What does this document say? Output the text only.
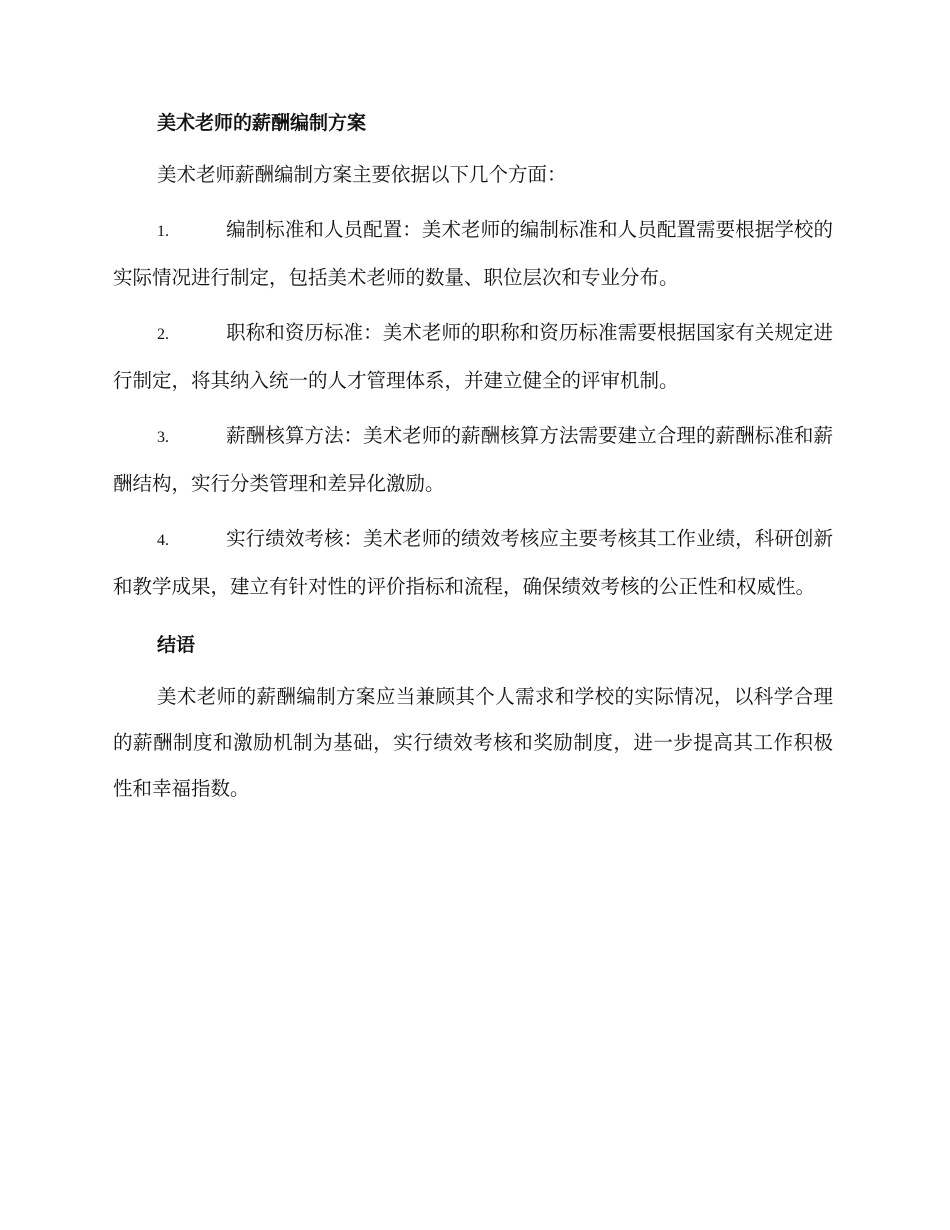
美术老师的薪酬编制方案
美术老师薪酬编制方案主要依据以下几个方面：
1.	编制标准和人员配置：美术老师的编制标准和人员配置需要根据学校的实际情况进行制定，包括美术老师的数量、职位层次和专业分布。
2.	职称和资历标准：美术老师的职称和资历标准需要根据国家有关规定进行制定，将其纳入统一的人才管理体系，并建立健全的评审机制。
3.	薪酬核算方法：美术老师的薪酬核算方法需要建立合理的薪酬标准和薪酬结构，实行分类管理和差异化激励。
4.	实行绩效考核：美术老师的绩效考核应主要考核其工作业绩，科研创新和教学成果，建立有针对性的评价指标和流程，确保绩效考核的公正性和权威性。
结语
美术老师的薪酬编制方案应当兼顾其个人需求和学校的实际情况，以科学合理的薪酬制度和激励机制为基础，实行绩效考核和奖励制度，进一步提高其工作积极性和幸福指数。
